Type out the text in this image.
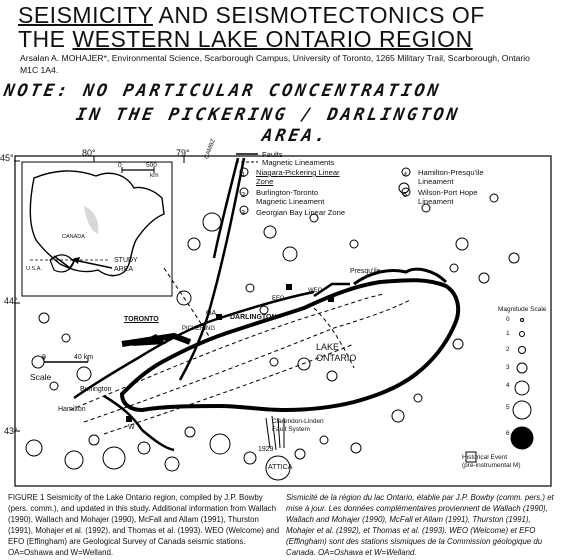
SEISMICITY AND SEISMOTECTONICS OF
THE WESTERN LAKE ONTARIO REGION
Arsalan A. MOHAJER*, Environmental Science, Scarborough Campus, University of Toronto, 1265 Military Trail, Scarborough, Ontario M1C 1A4.
NOTE: NO PARTICULAR CONCENTRATION
IN THE PICKERING / DARLINGTON
AREA.
45°
44°
43°
80°	79° CAMBZ
0	500
km
CANADA
U.S.A.
STUDY
AREA
0	40 km
Scale
Presqu'ile
TORONTO	DARLINGTON
PICKERING
OA
WEO
EFO
Burlington
Hamilton
W
LAKE
ONTARIO
Clarendon-Linden
Fault System
1929
ATTICA
Historical Event
(pre-instrumental M)
Magnitude Scale
0
1
2
3
4
5
6
Faults
Magnetic Lineaments
1 Niagara-Pickering Linear
Zone
2 Burlington-Toronto
Magnetic Lineament
3 Georgian Bay Linear Zone
4 Hamilton-Presqu'ile
Lineament
5 Wilson-Port Hope
Lineament
FIGURE 1 Seismicity of the Lake Ontario region, compiled by J.P. Bowby (pers. comm.), and updated in this study. Additional information from Wallach (1990), Wallach and Mohajer (1990), McFall and Allam (1991), Thurston (1991), Mohajer et al. (1992), and Thomas et al. (1993). WEO (Welcome) and EFO (Effingham) are Geological Survey of Canada seismic stations. OA=Oshawa and W=Welland.
Sismicité de la région du lac Ontario, établie par J.P. Bowby (comm. pers.) et mise à jour. Les données complémentaires proviennent de Wallach (1990), Wallach and Mohajer (1990), McFall et Allam (1991), Thurston (1991), Mohajer et al. (1992), et Thomas et al. (1993). WEO (Welcome) et EFO (Effingham) sont des stations sismiques de la Commission géologique du Canada. OA=Oshawa et W=Welland.
